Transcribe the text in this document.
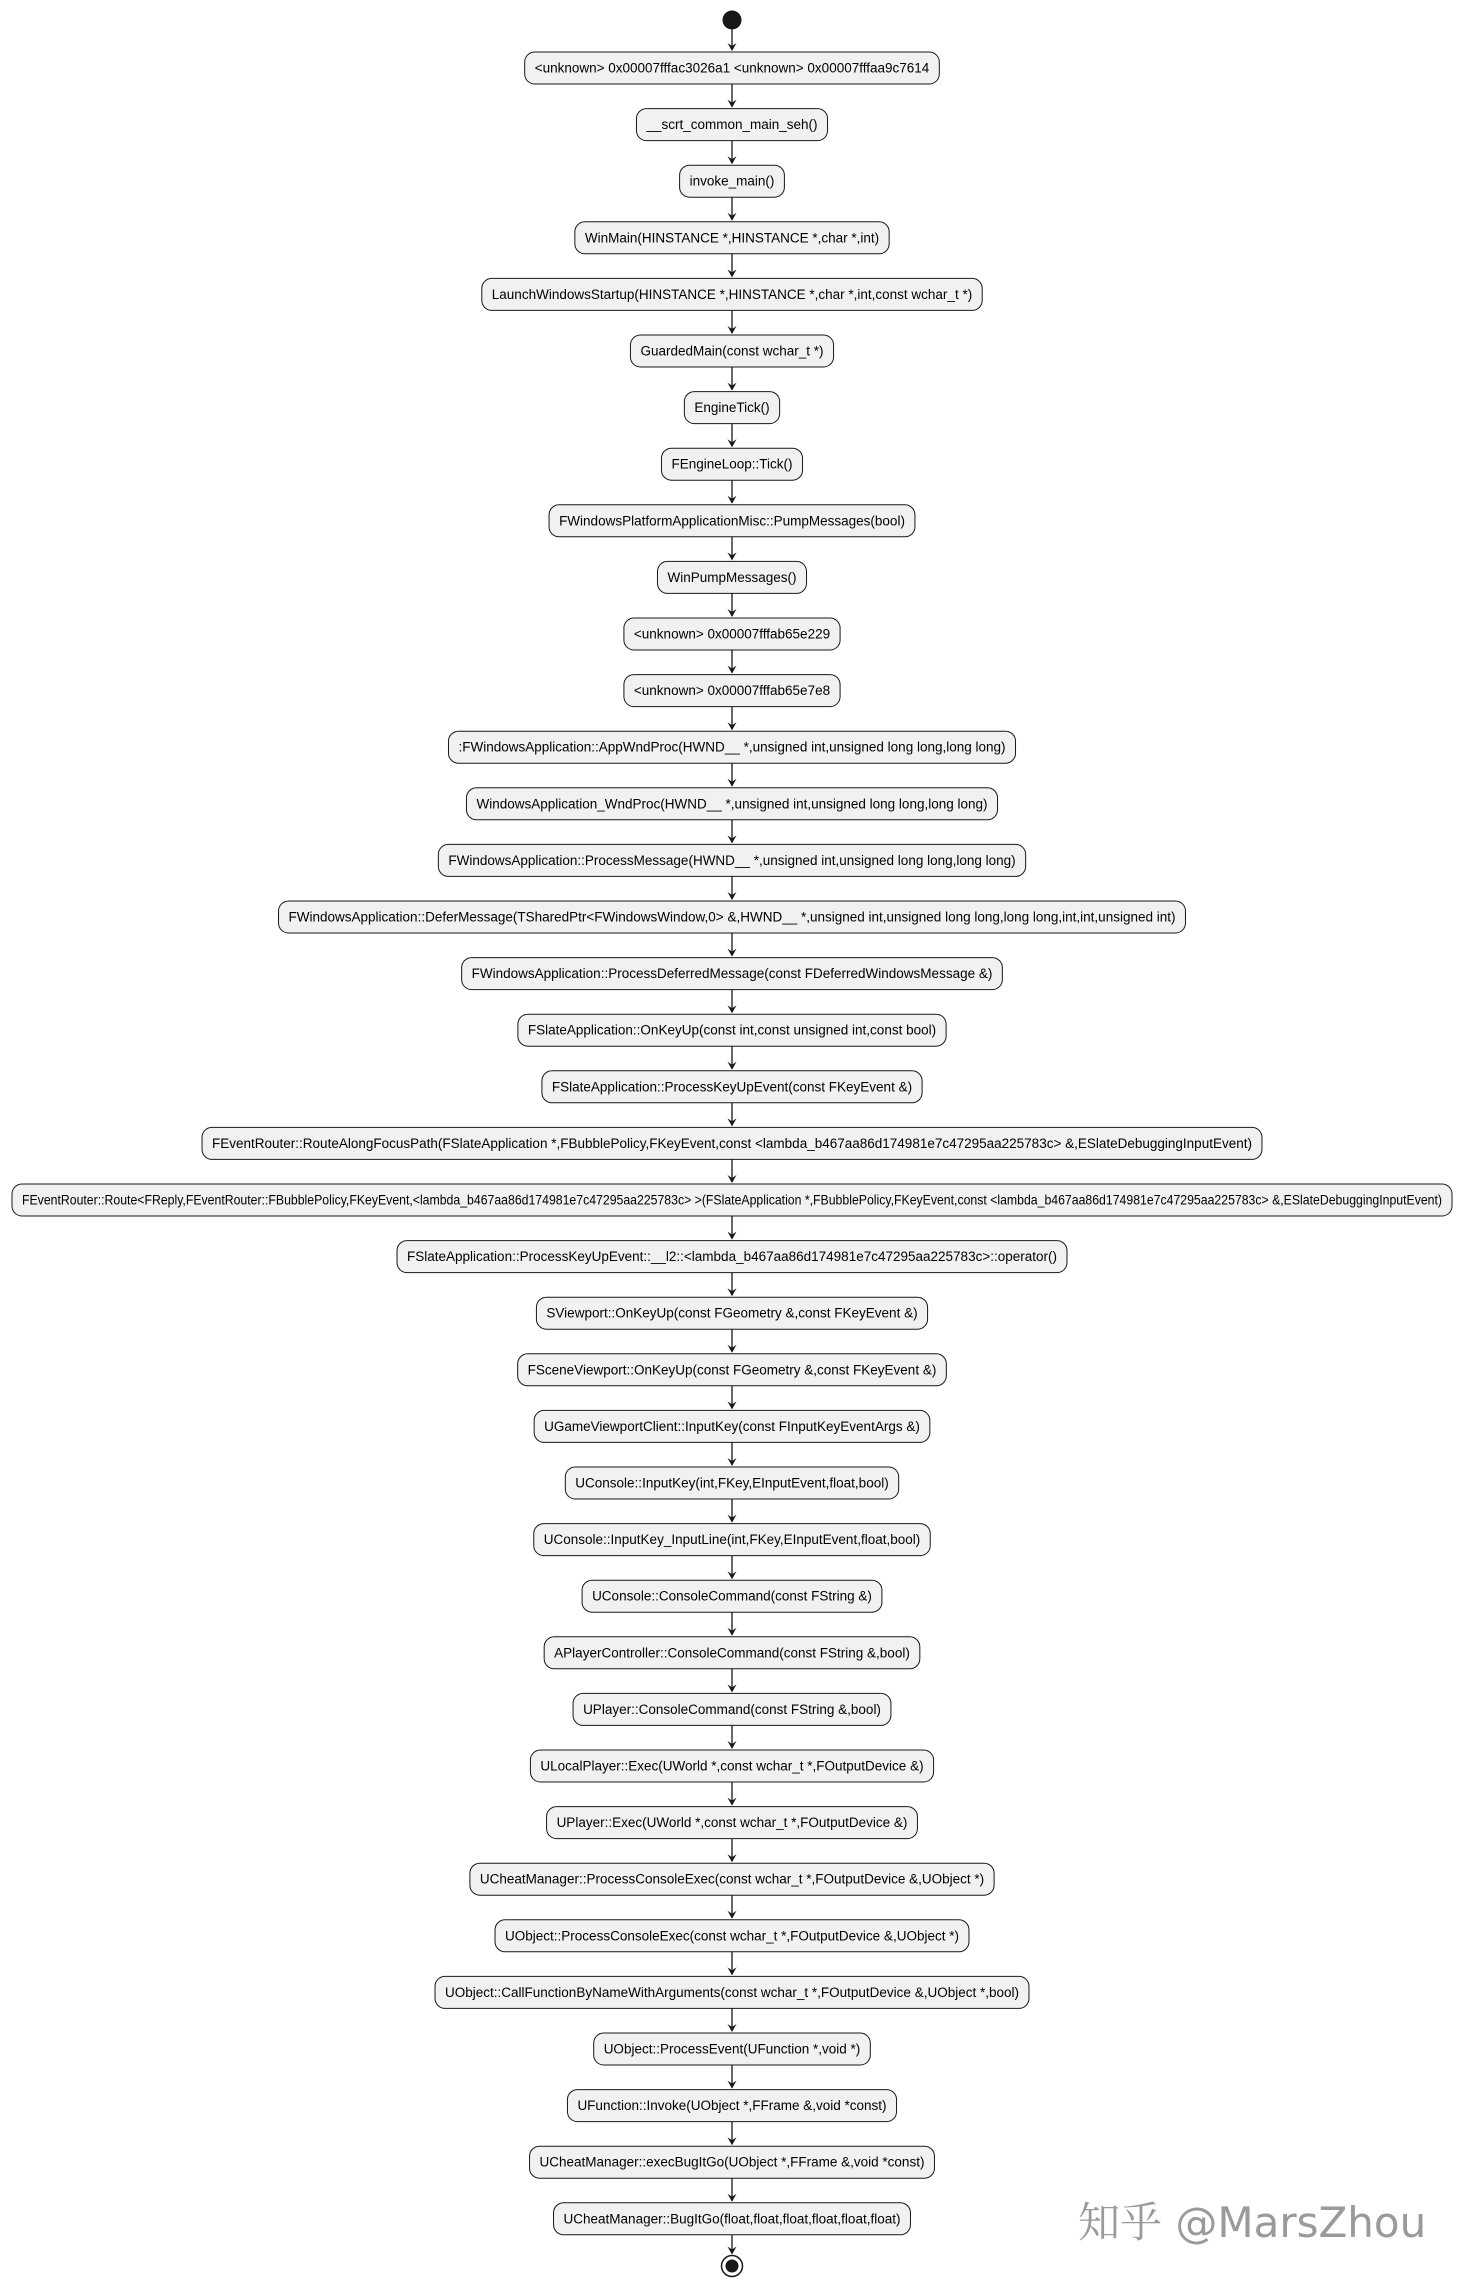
<unknown> 0x00007fffac3026a1 <unknown> 0x00007fffaa9c7614
__scrt_common_main_seh()
invoke_main()
WinMain(HINSTANCE *,HINSTANCE *,char *,int)
LaunchWindowsStartup(HINSTANCE *,HINSTANCE *,char *,int,const wchar_t *)
GuardedMain(const wchar_t *)
EngineTick()
FEngineLoop::Tick()
FWindowsPlatformApplicationMisc::PumpMessages(bool)
WinPumpMessages()
<unknown> 0x00007fffab65e229
<unknown> 0x00007fffab65e7e8
:FWindowsApplication::AppWndProc(HWND__ *,unsigned int,unsigned long long,long long)
WindowsApplication_WndProc(HWND__ *,unsigned int,unsigned long long,long long)
FWindowsApplication::ProcessMessage(HWND__ *,unsigned int,unsigned long long,long long)
FWindowsApplication::DeferMessage(TSharedPtr<FWindowsWindow,0> &,HWND__ *,unsigned int,unsigned long long,long long,int,int,unsigned int)
FWindowsApplication::ProcessDeferredMessage(const FDeferredWindowsMessage &)
FSlateApplication::OnKeyUp(const int,const unsigned int,const bool)
FSlateApplication::ProcessKeyUpEvent(const FKeyEvent &)
FEventRouter::RouteAlongFocusPath(FSlateApplication *,FBubblePolicy,FKeyEvent,const <lambda_b467aa86d174981e7c47295aa225783c> &,ESlateDebuggingInputEvent)
FEventRouter::Route<FReply,FEventRouter::FBubblePolicy,FKeyEvent,<lambda_b467aa86d174981e7c47295aa225783c> >(FSlateApplication *,FBubblePolicy,FKeyEvent,const <lambda_b467aa86d174981e7c47295aa225783c> &,ESlateDebuggingInputEvent)
FSlateApplication::ProcessKeyUpEvent::__l2::<lambda_b467aa86d174981e7c47295aa225783c>::operator()
SViewport::OnKeyUp(const FGeometry &,const FKeyEvent &)
FSceneViewport::OnKeyUp(const FGeometry &,const FKeyEvent &)
UGameViewportClient::InputKey(const FInputKeyEventArgs &)
UConsole::InputKey(int,FKey,EInputEvent,float,bool)
UConsole::InputKey_InputLine(int,FKey,EInputEvent,float,bool)
UConsole::ConsoleCommand(const FString &)
APlayerController::ConsoleCommand(const FString &,bool)
UPlayer::ConsoleCommand(const FString &,bool)
ULocalPlayer::Exec(UWorld *,const wchar_t *,FOutputDevice &)
UPlayer::Exec(UWorld *,const wchar_t *,FOutputDevice &)
UCheatManager::ProcessConsoleExec(const wchar_t *,FOutputDevice &,UObject *)
UObject::ProcessConsoleExec(const wchar_t *,FOutputDevice &,UObject *)
UObject::CallFunctionByNameWithArguments(const wchar_t *,FOutputDevice &,UObject *,bool)
UObject::ProcessEvent(UFunction *,void *)
UFunction::Invoke(UObject *,FFrame &,void *const)
UCheatManager::execBugItGo(UObject *,FFrame &,void *const)
UCheatManager::BugItGo(float,float,float,float,float,float)	知乎 @MarsZhou
